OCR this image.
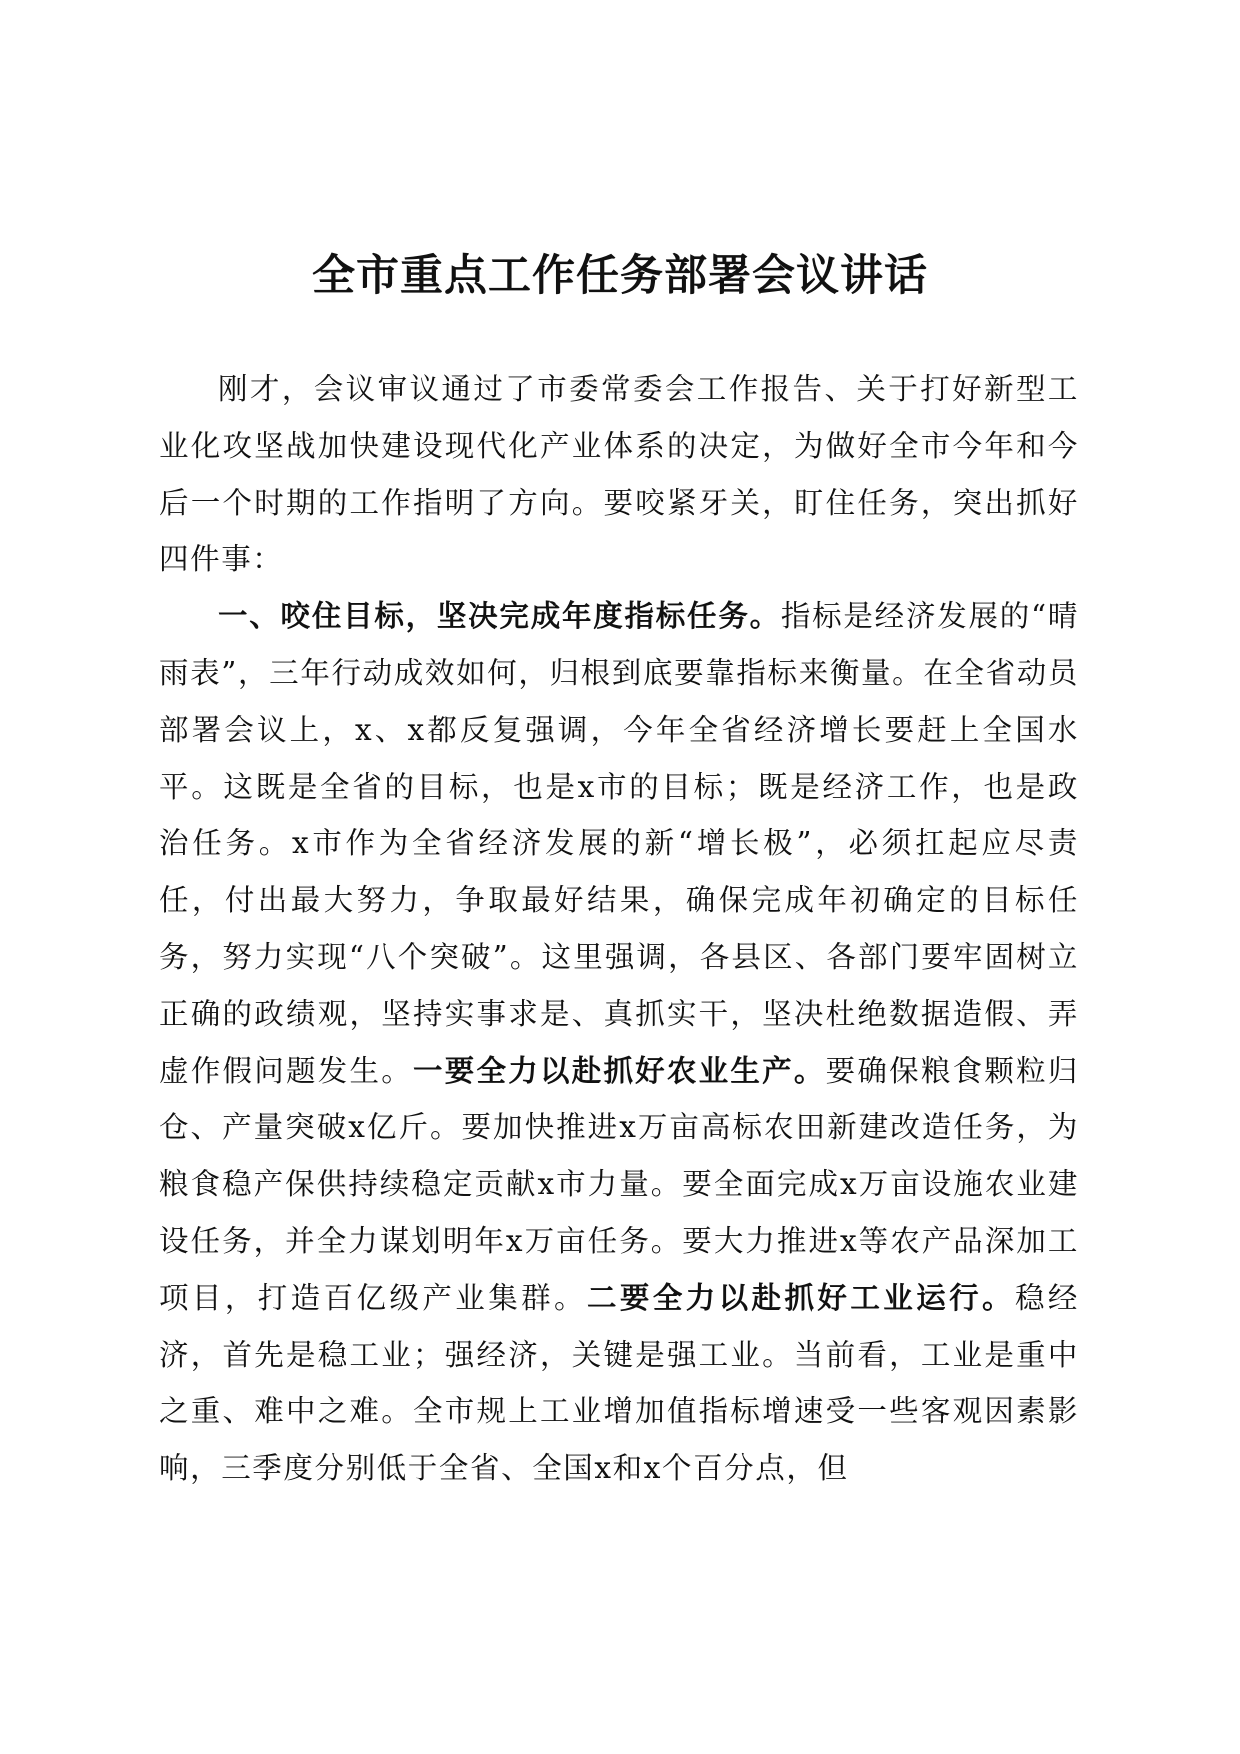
全市重点工作任务部署会议讲话

刚才，会议审议通过了市委常委会工作报告、关于打好新型工业化攻坚战加快建设现代化产业体系的决定，为做好全市今年和今后一个时期的工作指明了方向。要咬紧牙关，盯住任务，突出抓好四件事：

一、咬住目标，坚决完成年度指标任务。指标是经济发展的“晴雨表”，三年行动成效如何，归根到底要靠指标来衡量。在全省动员部署会议上，x、x都反复强调，今年全省经济增长要赶上全国水平。这既是全省的目标，也是x市的目标；既是经济工作，也是政治任务。x市作为全省经济发展的新“增长极”，必须扛起应尽责任，付出最大努力，争取最好结果，确保完成年初确定的目标任务，努力实现“八个突破”。这里强调，各县区、各部门要牢固树立正确的政绩观，坚持实事求是、真抓实干，坚决杜绝数据造假、弄虚作假问题发生。一要全力以赴抓好农业生产。要确保粮食颗粒归仓、产量突破x亿斤。要加快推进x万亩高标农田新建改造任务，为粮食稳产保供持续稳定贡献x市力量。要全面完成x万亩设施农业建设任务，并全力谋划明年x万亩任务。要大力推进x等农产品深加工项目，打造百亿级产业集群。二要全力以赴抓好工业运行。稳经济，首先是稳工业；强经济，关键是强工业。当前看，工业是重中之重、难中之难。全市规上工业增加值指标增速受一些客观因素影响，三季度分别低于全省、全国x和x个百分点，但
